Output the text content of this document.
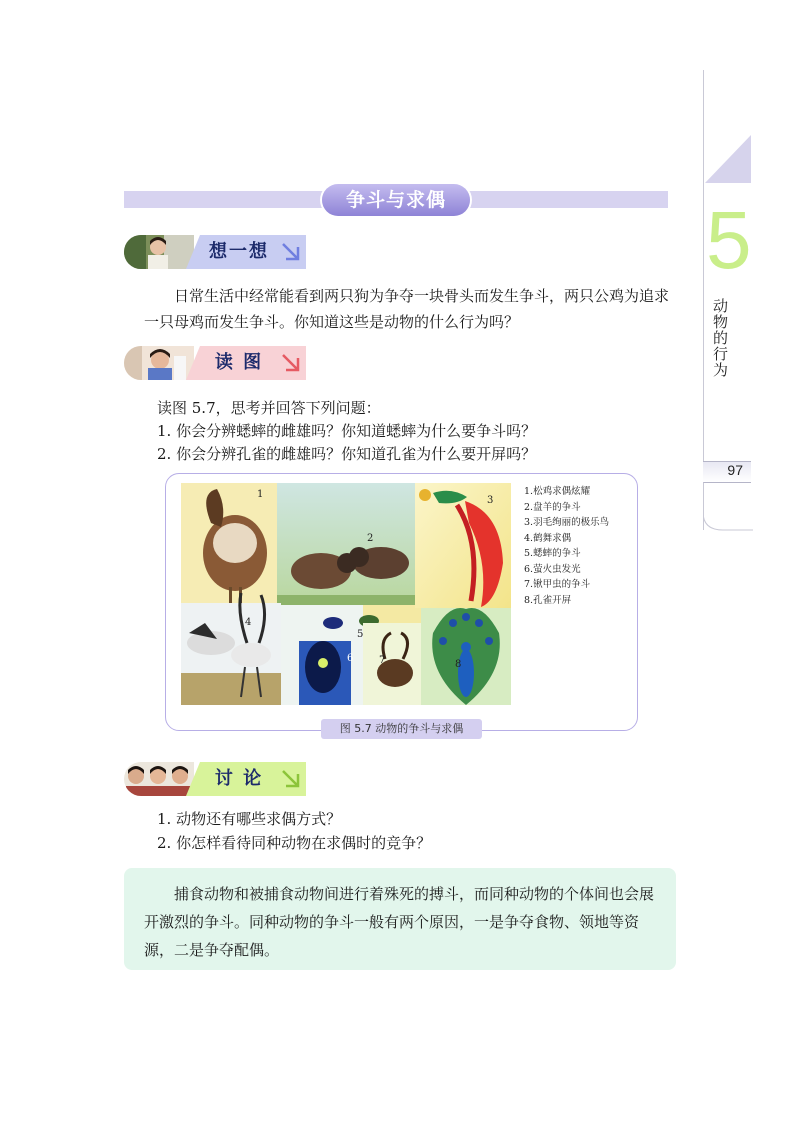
5
动物的行为
97
争斗与求偶
想一想
日常生活中经常能看到两只狗为争夺一块骨头而发生争斗，两只公鸡为追求一只母鸡而发生争斗。你知道这些是动物的什么行为吗？
读 图
读图 5.7，思考并回答下列问题：
1. 你会分辨蟋蟀的雌雄吗？你知道蟋蟀为什么要争斗吗？
2. 你会分辨孔雀的雌雄吗？你知道孔雀为什么要开屏吗？
1
2
3
4
5
6	7	8
1.松鸡求偶炫耀
2.盘羊的争斗
3.羽毛绚丽的极乐鸟
4.鹤舞求偶
5.蟋蟀的争斗
6.萤火虫发光
7.锹甲虫的争斗
8.孔雀开屏
图 5.7 动物的争斗与求偶
讨 论
1. 动物还有哪些求偶方式？
2. 你怎样看待同种动物在求偶时的竞争？
捕食动物和被捕食动物间进行着殊死的搏斗，而同种动物的个体间也会展开激烈的争斗。同种动物的争斗一般有两个原因，一是争夺食物、领地等资源，二是争夺配偶。
